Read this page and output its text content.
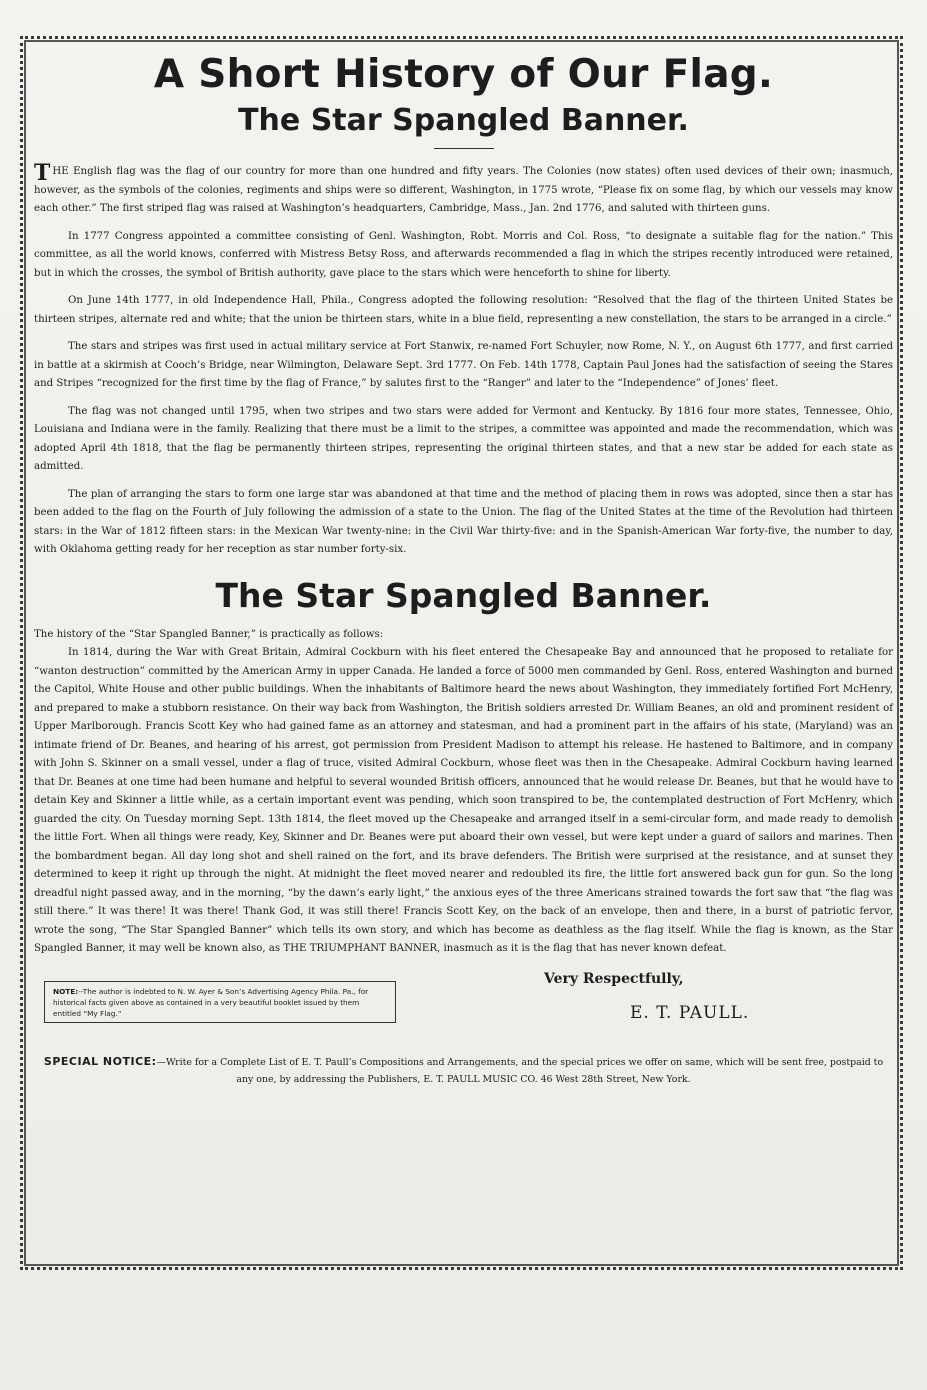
A Short History of Our Flag.
The Star Spangled Banner.

THE English flag was the flag of our country for more than one hundred and fifty years. The Colonies (now states) often used devices of their own; inasmuch, however, as the symbols of the colonies, regiments and ships were so different, Washington, in 1775 wrote, “Please fix on some flag, by which our vessels may know each other.” The first striped flag was raised at Washington’s headquarters, Cambridge, Mass., Jan. 2nd 1776, and saluted with thirteen guns.

In 1777 Congress appointed a committee consisting of Genl. Washington, Robt. Morris and Col. Ross, “to designate a suitable flag for the nation.” This committee, as all the world knows, conferred with Mistress Betsy Ross, and afterwards recommended a flag in which the stripes recently introduced were retained, but in which the crosses, the symbol of British authority, gave place to the stars which were henceforth to shine for liberty.

On June 14th 1777, in old Independence Hall, Phila., Congress adopted the following resolution: “Resolved that the flag of the thirteen United States be thirteen stripes, alternate red and white; that the union be thirteen stars, white in a blue field, representing a new constellation, the stars to be arranged in a circle.”

The stars and stripes was first used in actual military service at Fort Stanwix, re-named Fort Schuyler, now Rome, N. Y., on August 6th 1777, and first carried in battle at a skirmish at Cooch’s Bridge, near Wilmington, Delaware Sept. 3rd 1777. On Feb. 14th 1778, Captain Paul Jones had the satisfaction of seeing the Stares and Stripes “recognized for the first time by the flag of France,” by salutes first to the “Ranger” and later to the “Independence” of Jones’ fleet.

The flag was not changed until 1795, when two stripes and two stars were added for Vermont and Kentucky. By 1816 four more states, Tennessee, Ohio, Louisiana and Indiana were in the family. Realizing that there must be a limit to the stripes, a committee was appointed and made the recommendation, which was adopted April 4th 1818, that the flag be permanently thirteen stripes, representing the original thirteen states, and that a new star be added for each state as admitted.

The plan of arranging the stars to form one large star was abandoned at that time and the method of placing them in rows was adopted, since then a star has been added to the flag on the Fourth of July following the admission of a state to the Union. The flag of the United States at the time of the Revolution had thirteen stars: in the War of 1812 fifteen stars: in the Mexican War twenty-nine: in the Civil War thirty-five: and in the Spanish-American War forty-five, the number to day, with Oklahoma getting ready for her reception as star number forty-six.

The Star Spangled Banner.

The history of the “Star Spangled Banner,” is practically as follows:

In 1814, during the War with Great Britain, Admiral Cockburn with his fleet entered the Chesapeake Bay and announced that he proposed to retaliate for “wanton destruction” committed by the American Army in upper Canada. He landed a force of 5000 men commanded by Genl. Ross, entered Washington and burned the Capitol, White House and other public buildings. When the inhabitants of Baltimore heard the news about Washington, they immediately fortified Fort McHenry, and prepared to make a stubborn resistance. On their way back from Washington, the British soldiers arrested Dr. William Beanes, an old and prominent resident of Upper Marlborough. Francis Scott Key who had gained fame as an attorney and statesman, and had a prominent part in the affairs of his state, (Maryland) was an intimate friend of Dr. Beanes, and hearing of his arrest, got permission from President Madison to attempt his release. He hastened to Baltimore, and in company with John S. Skinner on a small vessel, under a flag of truce, visited Admiral Cockburn, whose fleet was then in the Chesapeake. Admiral Cockburn having learned that Dr. Beanes at one time had been humane and helpful to several wounded British officers, announced that he would release Dr. Beanes, but that he would have to detain Key and Skinner a little while, as a certain important event was pending, which soon transpired to be, the contemplated destruction of Fort McHenry, which guarded the city. On Tuesday morning Sept. 13th 1814, the fleet moved up the Chesapeake and arranged itself in a semi-circular form, and made ready to demolish the little Fort. When all things were ready, Key, Skinner and Dr. Beanes were put aboard their own vessel, but were kept under a guard of sailors and marines. Then the bombardment began. All day long shot and shell rained on the fort, and its brave defenders. The British were surprised at the resistance, and at sunset they determined to keep it right up through the night. At midnight the fleet moved nearer and redoubled its fire, the little fort answered back gun for gun. So the long dreadful night passed away, and in the morning, “by the dawn’s early light,” the anxious eyes of the three Americans strained towards the fort saw that “the flag was still there.” It was there! It was there! Thank God, it was still there! Francis Scott Key, on the back of an envelope, then and there, in a burst of patriotic fervor, wrote the song, “The Star Spangled Banner” which tells its own story, and which has become as deathless as the flag itself. While the flag is known, as the Star Spangled Banner, it may well be known also, as THE TRIUMPHANT BANNER, inasmuch as it is the flag that has never known defeat.

NOTE:--The author is indebted to N. W. Ayer & Son’s Advertising Agency Phila. Pa., for historical facts given above as contained in a very beautiful booklet issued by them entitled “My Flag.”
Very Respectfully,
E. T. PAULL.
SPECIAL NOTICE:—Write for a Complete List of E. T. Paull’s Compositions and Arrangements, and the special prices we offer on same, which will be sent free, postpaid to any one, by addressing the Publishers, E. T. PAULL MUSIC CO. 46 West 28th Street, New York.
